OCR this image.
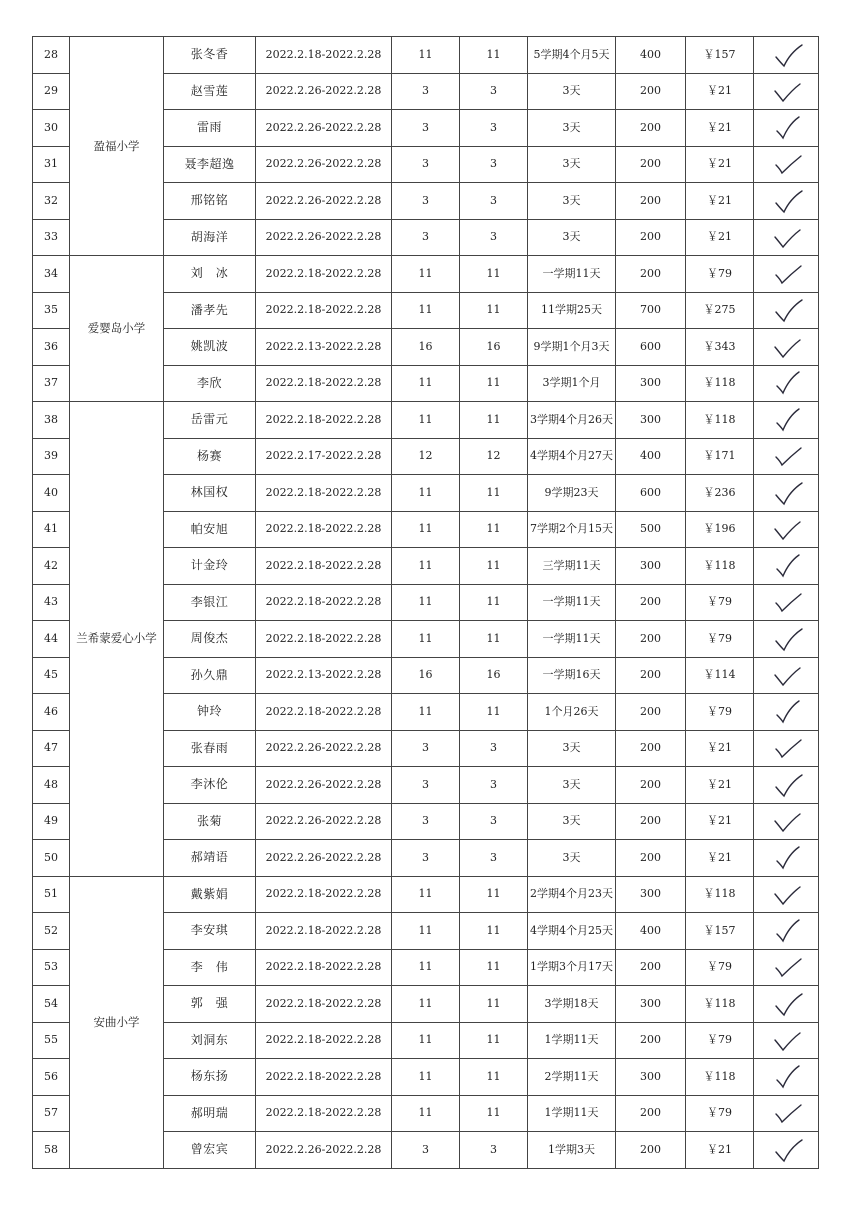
28	盈福小学	张冬香	2022.2.18-2022.2.28	11	11	5学期4个月5天	400	￥157	

29		赵雪莲	2022.2.26-2022.2.28	3	3	3天	200	￥21	

30		雷雨	2022.2.26-2022.2.28	3	3	3天	200	￥21	

31		聂李超逸	2022.2.26-2022.2.28	3	3	3天	200	￥21	

32		邢铭铭	2022.2.26-2022.2.28	3	3	3天	200	￥21	

33		胡海洋	2022.2.26-2022.2.28	3	3	3天	200	￥21	

34	爱婴岛小学	刘　冰	2022.2.18-2022.2.28	11	11	一学期11天	200	￥79	

35		潘孝先	2022.2.18-2022.2.28	11	11	11学期25天	700	￥275	

36		姚凯波	2022.2.13-2022.2.28	16	16	9学期1个月3天	600	￥343	

37		李欣	2022.2.18-2022.2.28	11	11	3学期1个月	300	￥118	

38	兰希蒙爱心小学	岳雷元	2022.2.18-2022.2.28	11	11	3学期4个月26天	300	￥118	

39		杨赛	2022.2.17-2022.2.28	12	12	4学期4个月27天	400	￥171	

40		林国权	2022.2.18-2022.2.28	11	11	9学期23天	600	￥236	

41		帕安旭	2022.2.18-2022.2.28	11	11	7学期2个月15天	500	￥196	

42		计金玲	2022.2.18-2022.2.28	11	11	三学期11天	300	￥118	

43		李银江	2022.2.18-2022.2.28	11	11	一学期11天	200	￥79	

44		周俊杰	2022.2.18-2022.2.28	11	11	一学期11天	200	￥79	

45		孙久鼎	2022.2.13-2022.2.28	16	16	一学期16天	200	￥114	

46		钟玲	2022.2.18-2022.2.28	11	11	1个月26天	200	￥79	

47		张春雨	2022.2.26-2022.2.28	3	3	3天	200	￥21	

48		李沐伦	2022.2.26-2022.2.28	3	3	3天	200	￥21	

49		张菊	2022.2.26-2022.2.28	3	3	3天	200	￥21	

50		郝靖语	2022.2.26-2022.2.28	3	3	3天	200	￥21	

51	安曲小学	戴紫娟	2022.2.18-2022.2.28	11	11	2学期4个月23天	300	￥118	

52		李安琪	2022.2.18-2022.2.28	11	11	4学期4个月25天	400	￥157	

53		李　伟	2022.2.18-2022.2.28	11	11	1学期3个月17天	200	￥79	

54		郭　强	2022.2.18-2022.2.28	11	11	3学期18天	300	￥118	

55		刘洞东	2022.2.18-2022.2.28	11	11	1学期11天	200	￥79	

56		杨东扬	2022.2.18-2022.2.28	11	11	2学期11天	300	￥118	

57		郝明瑞	2022.2.18-2022.2.28	11	11	1学期11天	200	￥79	

58		曾宏宾	2022.2.26-2022.2.28	3	3	1学期3天	200	￥21	
